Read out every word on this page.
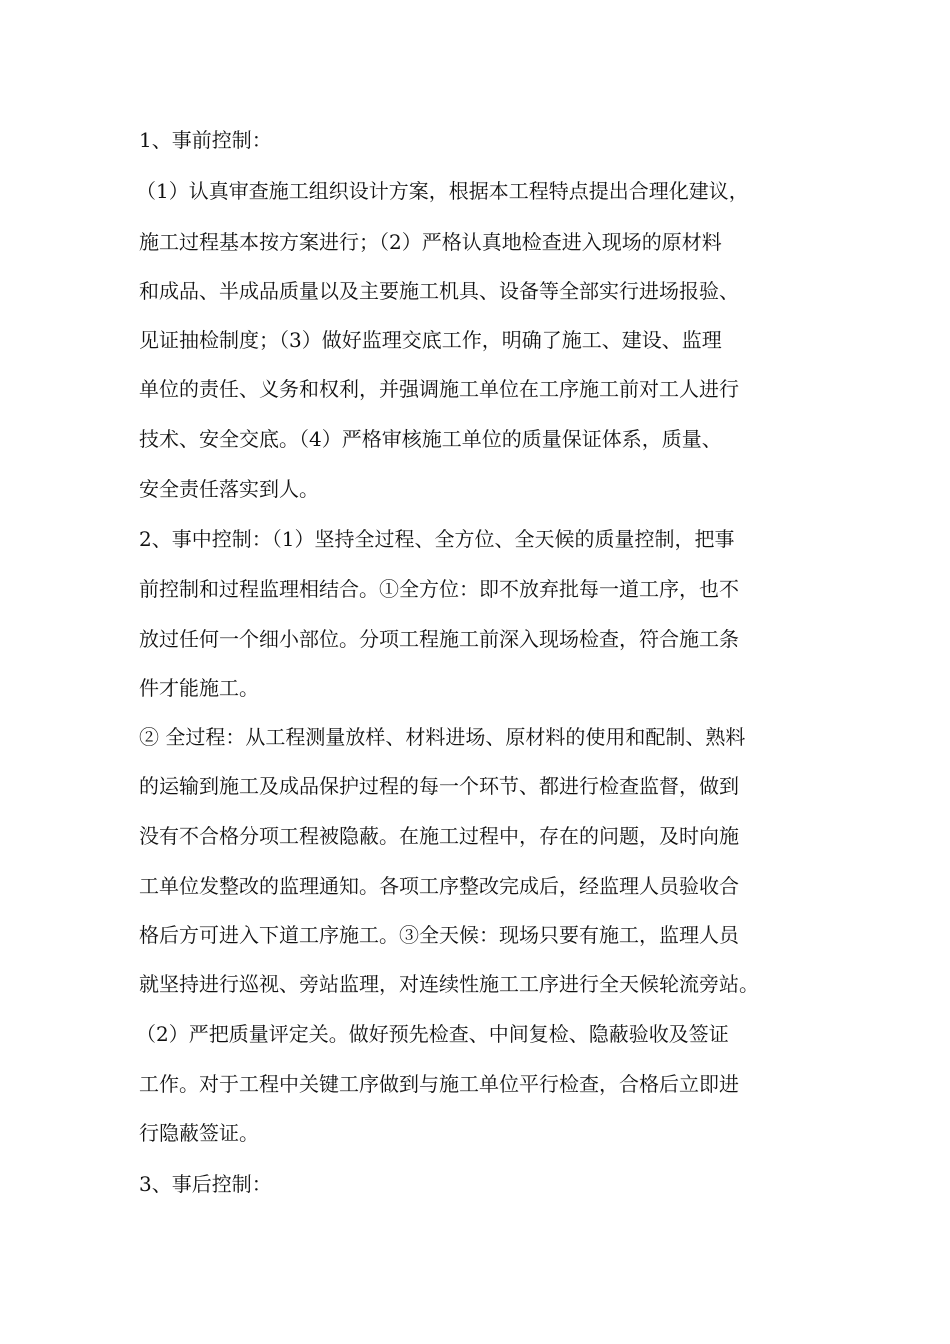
1、事前控制：
（1）认真审查施工组织设计方案，根据本工程特点提出合理化建议，
施工过程基本按方案进行；（2）严格认真地检查进入现场的原材料
和成品、半成品质量以及主要施工机具、设备等全部实行进场报验、
见证抽检制度；（3）做好监理交底工作，明确了施工、建设、监理
单位的责任、义务和权利，并强调施工单位在工序施工前对工人进行
技术、安全交底。（4）严格审核施工单位的质量保证体系，质量、
安全责任落实到人。
2、事中控制：（1）坚持全过程、全方位、全天候的质量控制，把事
前控制和过程监理相结合。①全方位：即不放弃批每一道工序，也不
放过任何一个细小部位。分项工程施工前深入现场检查，符合施工条
件才能施工。
② 全过程：从工程测量放样、材料进场、原材料的使用和配制、熟料
的运输到施工及成品保护过程的每一个环节、都进行检查监督，做到
没有不合格分项工程被隐蔽。在施工过程中，存在的问题，及时向施
工单位发整改的监理通知。各项工序整改完成后，经监理人员验收合
格后方可进入下道工序施工。③全天候：现场只要有施工，监理人员
就坚持进行巡视、旁站监理，对连续性施工工序进行全天候轮流旁站。
（2）严把质量评定关。做好预先检查、中间复检、隐蔽验收及签证
工作。对于工程中关键工序做到与施工单位平行检查，合格后立即进
行隐蔽签证。
3、事后控制：
